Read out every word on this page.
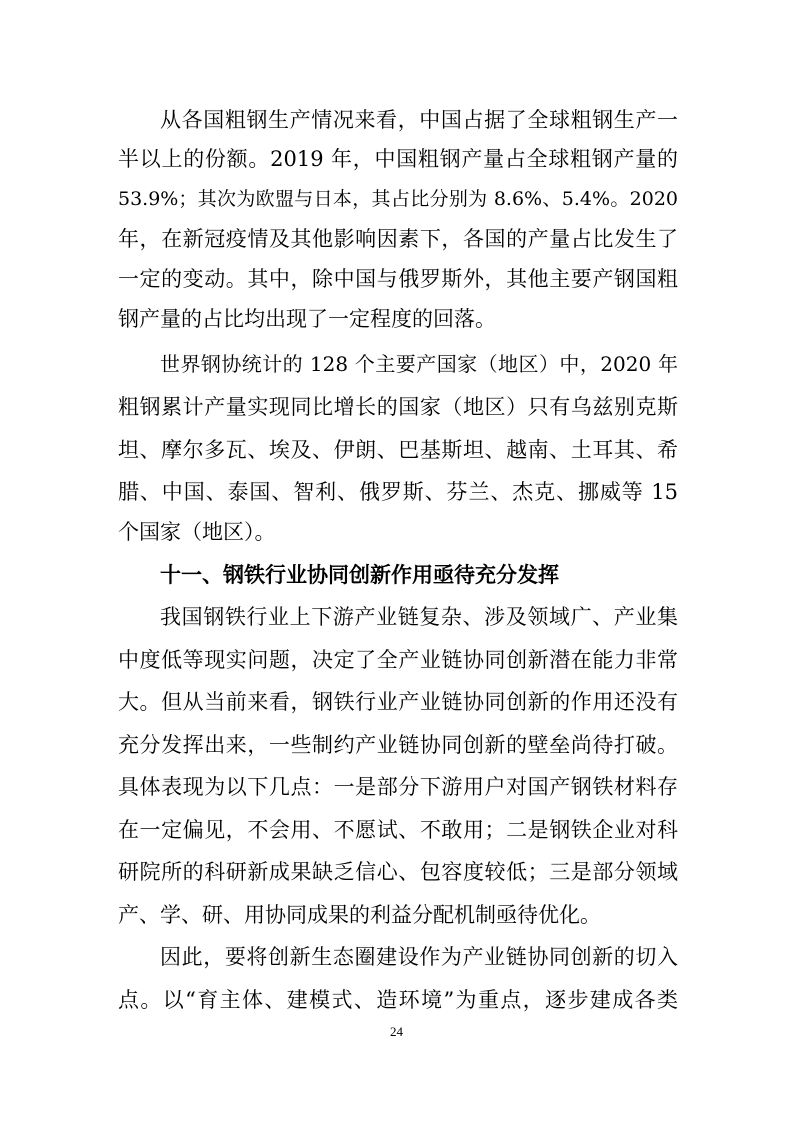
从各国粗钢生产情况来看，中国占据了全球粗钢生产一
半以上的份额。2019 年，中国粗钢产量占全球粗钢产量的
53.9%；其次为欧盟与日本，其占比分别为 8.6%、5.4%。2020
年，在新冠疫情及其他影响因素下，各国的产量占比发生了
一定的变动。其中，除中国与俄罗斯外，其他主要产钢国粗
钢产量的占比均出现了一定程度的回落。
世界钢协统计的 128 个主要产国家（地区）中，2020 年
粗钢累计产量实现同比增长的国家（地区）只有乌兹别克斯
坦、摩尔多瓦、埃及、伊朗、巴基斯坦、越南、土耳其、希
腊、中国、泰国、智利、俄罗斯、芬兰、杰克、挪威等 15
个国家（地区）。
十一、钢铁行业协同创新作用亟待充分发挥
我国钢铁行业上下游产业链复杂、涉及领域广、产业集
中度低等现实问题，决定了全产业链协同创新潜在能力非常
大。但从当前来看，钢铁行业产业链协同创新的作用还没有
充分发挥出来，一些制约产业链协同创新的壁垒尚待打破。
具体表现为以下几点：一是部分下游用户对国产钢铁材料存
在一定偏见，不会用、不愿试、不敢用；二是钢铁企业对科
研院所的科研新成果缺乏信心、包容度较低；三是部分领域
产、学、研、用协同成果的利益分配机制亟待优化。
因此，要将创新生态圈建设作为产业链协同创新的切入
点。以“育主体、建模式、造环境”为重点，逐步建成各类
24
